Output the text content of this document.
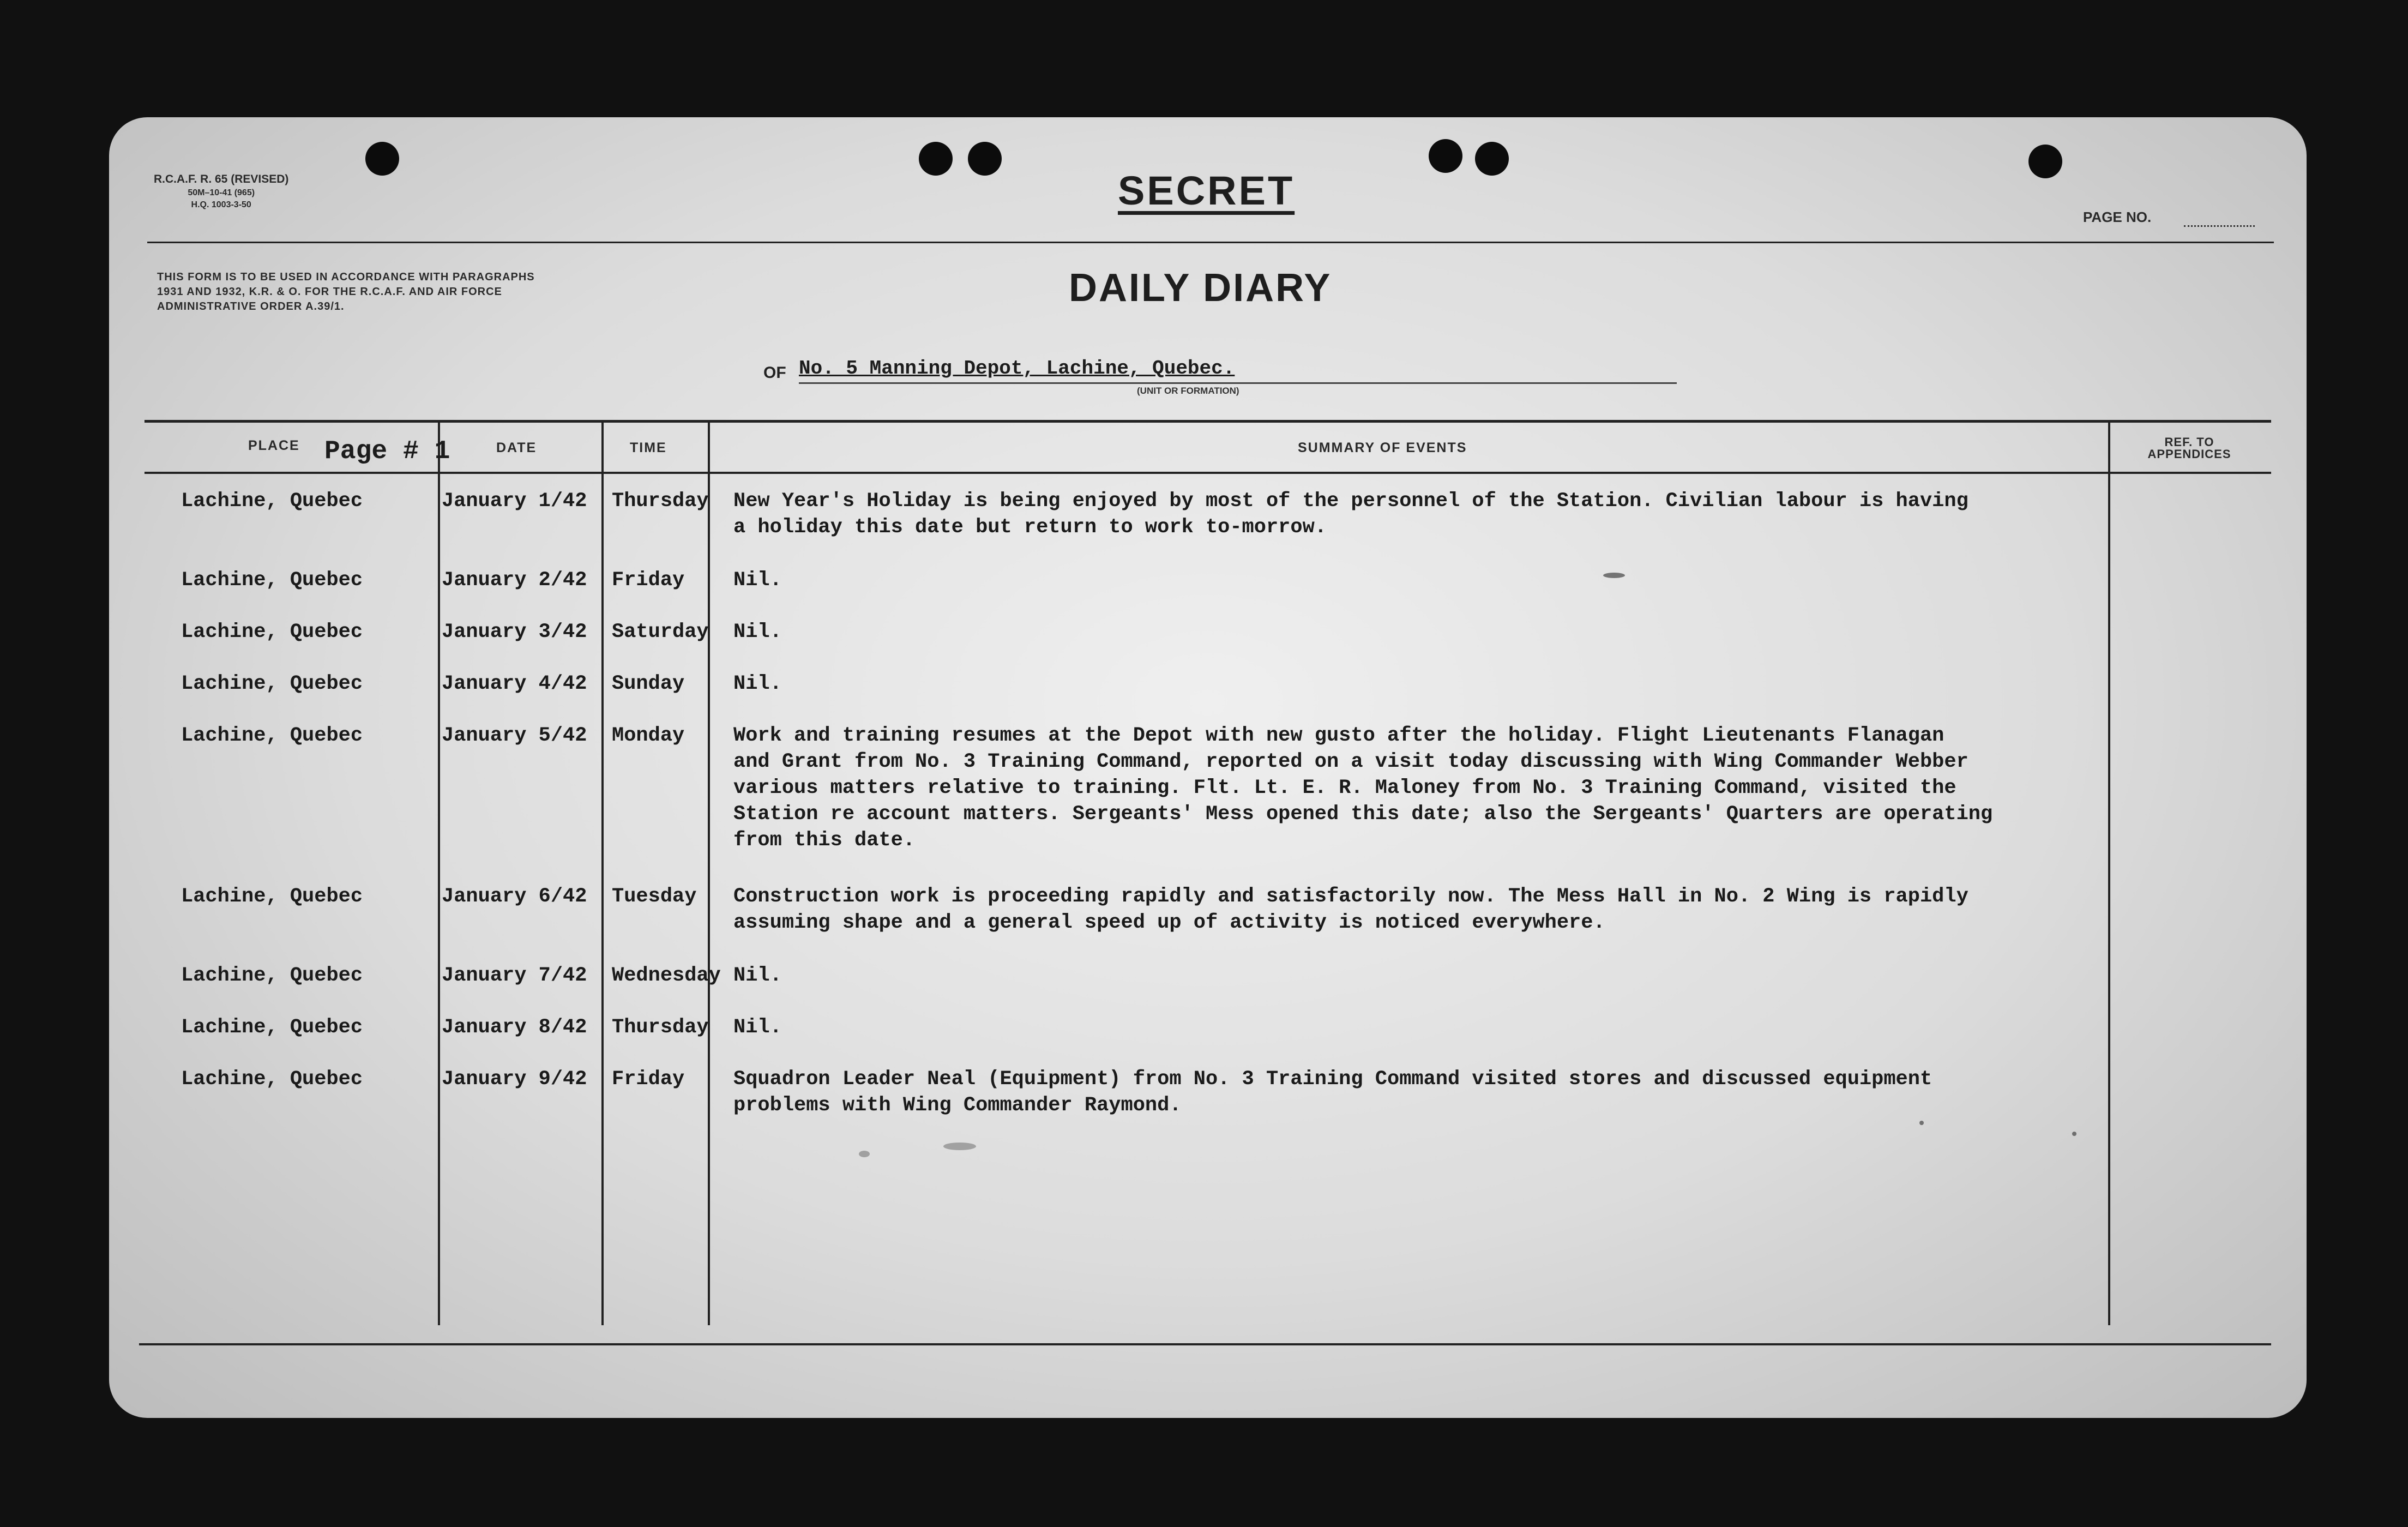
R.C.A.F. R. 65 (REVISED)
50M–10-41 (965)
H.Q. 1003-3-50
THIS FORM IS TO BE USED IN ACCORDANCE WITH PARAGRAPHS 1931 AND 1932, K.R. & O. FOR THE R.C.A.F. AND AIR FORCE ADMINISTRATIVE ORDER A.39/1.
SECRET
PAGE NO.
DAILY DIARY
OF No. 5 Manning Depot, Lachine, Quebec.
(UNIT OR FORMATION)
PLACE Page # 1	DATE	TIME	SUMMARY OF EVENTS	REF. TO APPENDICES
Lachine, Quebec	January 1/42 Thursday New Year's Holiday is being enjoyed by most of the personnel of the Station. Civilian labour is having
a holiday this date but return to work to-morrow.
Lachine, Quebec	January 2/42 Friday Nil.
Lachine, Quebec	January 3/42 Saturday Nil.
Lachine, Quebec	January 4/42 Sunday Nil.
Lachine, Quebec	January 5/42 Monday Work and training resumes at the Depot with new gusto after the holiday. Flight Lieutenants Flanagan
and Grant from No. 3 Training Command, reported on a visit today discussing with Wing Commander Webber
various matters relative to training. Flt. Lt. E. R. Maloney from No. 3 Training Command, visited the
Station re account matters. Sergeants' Mess opened this date; also the Sergeants' Quarters are operating
from this date.
Lachine, Quebec	January 6/42 Tuesday Construction work is proceeding rapidly and satisfactorily now. The Mess Hall in No. 2 Wing is rapidly
assuming shape and a general speed up of activity is noticed everywhere.
Lachine, Quebec	January 7/42 Wednesday Nil.
Lachine, Quebec	January 8/42 Thursday Nil.
Lachine, Quebec	January 9/42 Friday Squadron Leader Neal (Equipment) from No. 3 Training Command visited stores and discussed equipment
problems with Wing Commander Raymond.
